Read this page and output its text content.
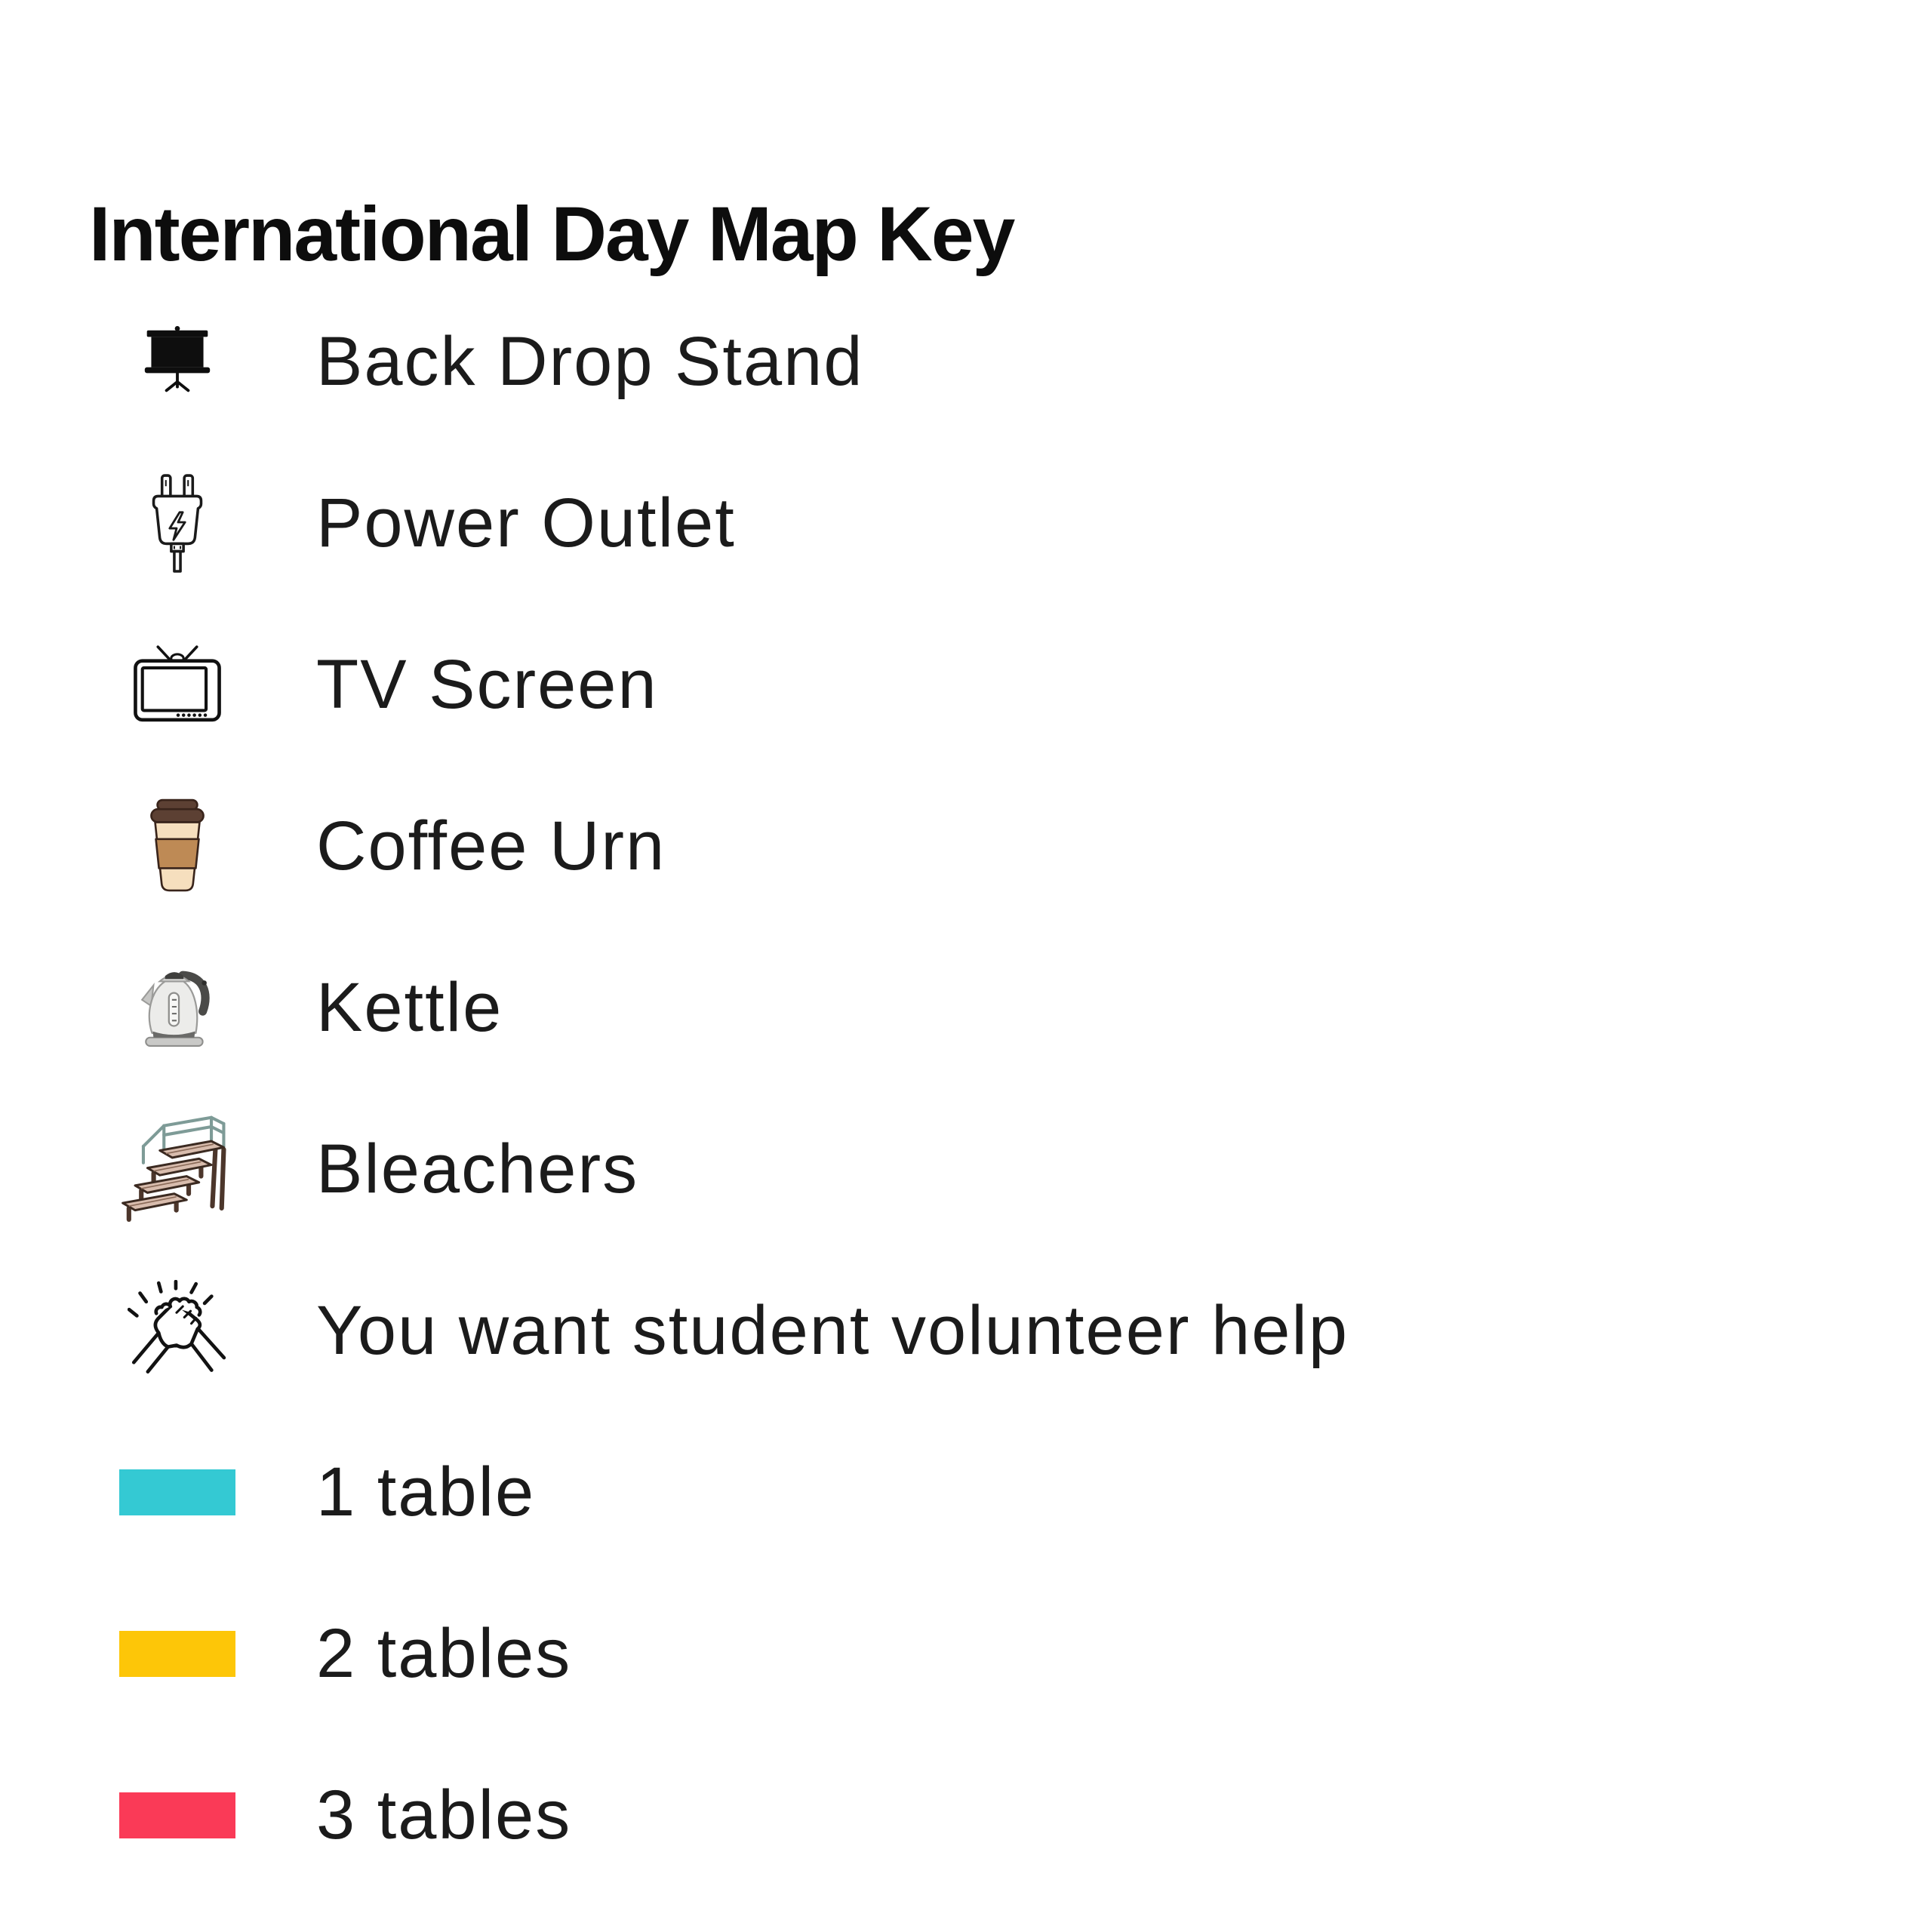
International Day Map Key
Back Drop Stand
Power Outlet
TV Screen
Coffee Urn
Kettle
Bleachers
You want student volunteer help
1 table
2 tables
3 tables
